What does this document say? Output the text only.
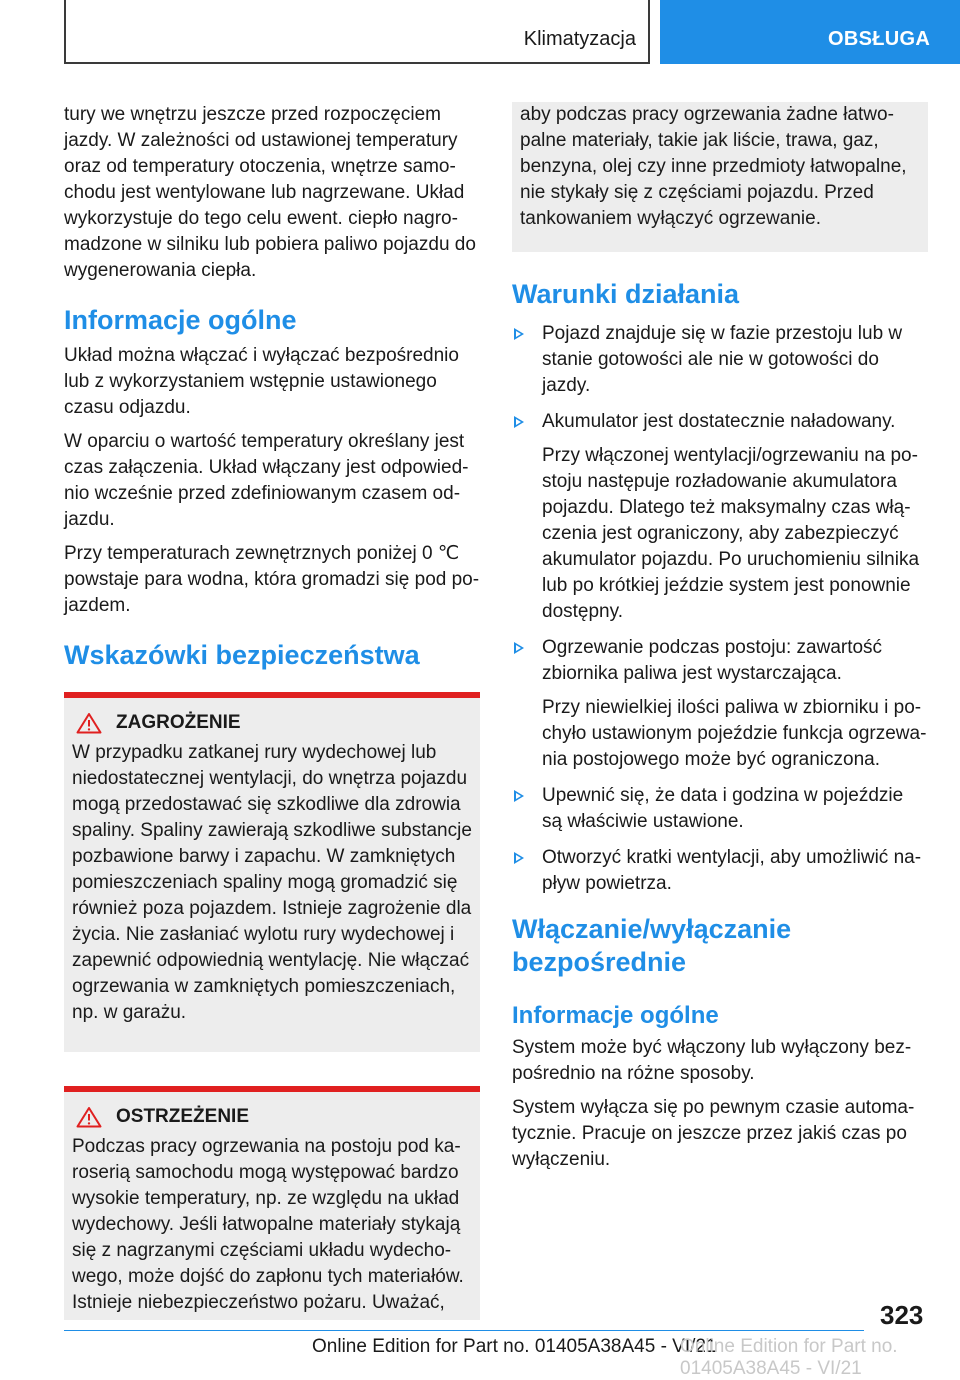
Klimatyzacja	OBSŁUGA

tury we wnętrzu jeszcze przed rozpoczęciem jazdy. W zależności od ustawionej temperatury oraz od temperatury otoczenia, wnętrze samochodu jest wentylowane lub nagrzewane. Układ wykorzystuje do tego celu ewent. ciepło nagromadzone w silniku lub pobiera paliwo pojazdu do wygenerowania ciepła.

Informacje ogólne

Układ można włączać i wyłączać bezpośrednio lub z wykorzystaniem wstępnie ustawionego czasu odjazdu.

W oparciu o wartość temperatury określany jest czas załączenia. Układ włączany jest odpowiednio wcześnie przed zdefiniowanym czasem odjazdu.

Przy temperaturach zewnętrznych poniżej 0 ℃ powstaje para wodna, która gromadzi się pod pojazdem.

Wskazówki bezpieczeństwa
ZAGROŻENIE

W przypadku zatkanej rury wydechowej lub niedostatecznej wentylacji, do wnętrza pojazdu mogą przedostawać się szkodliwe dla zdrowia spaliny. Spaliny zawierają szkodliwe substancje pozbawione barwy i zapachu. W zamkniętych pomieszczeniach spaliny mogą gromadzić się również poza pojazdem. Istnieje zagrożenie dla życia. Nie zasłaniać wylotu rury wydechowej i zapewnić odpowiednią wentylację. Nie włączać ogrzewania w zamkniętych pomieszczeniach, np. w garażu.

OSTRZEŻENIE

Podczas pracy ogrzewania na postoju pod karoserią samochodu mogą występować bardzo wysokie temperatury, np. ze względu na układ wydechowy. Jeśli łatwopalne materiały stykają się z nagrzanymi częściami układu wydechowego, może dojść do zapłonu tych materiałów. Istnieje niebezpieczeństwo pożaru. Uważać,

aby podczas pracy ogrzewania żadne łatwopalne materiały, takie jak liście, trawa, gaz, benzyna, olej czy inne przedmioty łatwopalne, nie stykały się z częściami pojazdu. Przed tankowaniem wyłączyć ogrzewanie.

Warunki działania

Pojazd znajduje się w fazie przestoju lub w stanie gotowości ale nie w gotowości do jazdy.

Akumulator jest dostatecznie naładowany.

Przy włączonej wentylacji/ogrzewaniu na postoju następuje rozładowanie akumulatora pojazdu. Dlatego też maksymalny czas włączenia jest ograniczony, aby zabezpieczyć akumulator pojazdu. Po uruchomieniu silnika lub po krótkiej jeździe system jest ponownie dostępny.

Ogrzewanie podczas postoju: zawartość zbiornika paliwa jest wystarczająca.

Przy niewielkiej ilości paliwa w zbiorniku i pochyło ustawionym pojeździe funkcja ogrzewania postojowego może być ograniczona.

Upewnić się, że data i godzina w pojeździe są właściwie ustawione.

Otworzyć kratki wentylacji, aby umożliwić napływ powietrza.

Włączanie/wyłączanie bezpośrednie
Informacje ogólne

System może być włączony lub wyłączony bezpośrednio na różne sposoby.

System wyłącza się po pewnym czasie automatycznie. Pracuje on jeszcze przez jakiś czas po wyłączeniu.

323
Online Edition for Part no. 01405A38A45 - VI/21
Online Edition for Part no. 01405A38A45 - VI/21
